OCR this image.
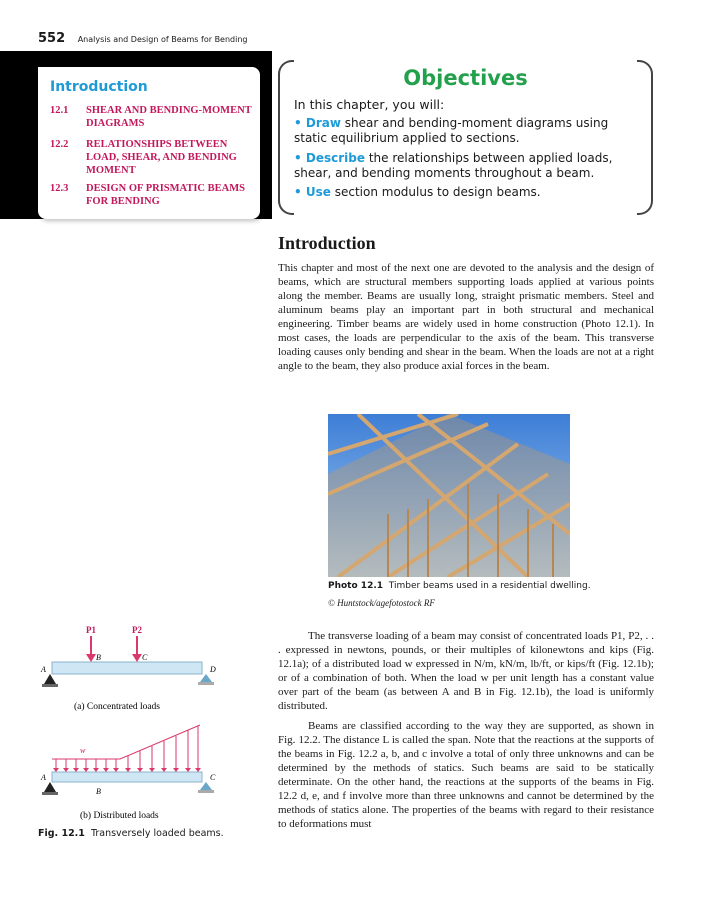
552 Analysis and Design of Beams for Bending
Introduction
12.1	SHEAR AND BENDING-MOMENT DIAGRAMS
12.2	RELATIONSHIPS BETWEEN LOAD, SHEAR, AND BENDING MOMENT
12.3	DESIGN OF PRISMATIC BEAMS FOR BENDING
Objectives
In this chapter, you will:
• Draw shear and bending-moment diagrams using static equilibrium applied to sections.
• Describe the relationships between applied loads, shear, and bending moments throughout a beam.
• Use section modulus to design beams.
Introduction
This chapter and most of the next one are devoted to the analysis and the design of beams, which are structural members supporting loads applied at various points along the member. Beams are usually long, straight prismatic members. Steel and aluminum beams play an important part in both structural and mechanical engineering. Timber beams are widely used in home construction (Photo 12.1). In most cases, the loads are perpendicular to the axis of the beam. This transverse loading causes only bending and shear in the beam. When the loads are not at a right angle to the beam, they also produce axial forces in the beam.
Photo 12.1 Timber beams used in a residential dwelling.
© Huntstock/agefotostock RF
The transverse loading of a beam may consist of concentrated loads P1, P2, . . . expressed in newtons, pounds, or their multiples of kilonewtons and kips (Fig. 12.1a); of a distributed load w expressed in N/m, kN/m, lb/ft, or kips/ft (Fig. 12.1b); or of a combination of both. When the load w per unit length has a constant value over part of the beam (as between A and B in Fig. 12.1b), the load is uniformly distributed.
Beams are classified according to the way they are supported, as shown in Fig. 12.2. The distance L is called the span. Note that the reactions at the supports of the beams in Fig. 12.2 a, b, and c involve a total of only three unknowns and can be determined by the methods of statics. Such beams are said to be statically determinate. On the other hand, the reactions at the supports of the beams in Fig. 12.2 d, e, and f involve more than three unknowns and cannot be determined by the methods of statics alone. The properties of the beams with regard to their resistance to deformations must
P1	P2
A
B	C
D
(a) Concentrated loads
w
A
B
C
(b) Distributed loads
Fig. 12.1 Transversely loaded beams.
